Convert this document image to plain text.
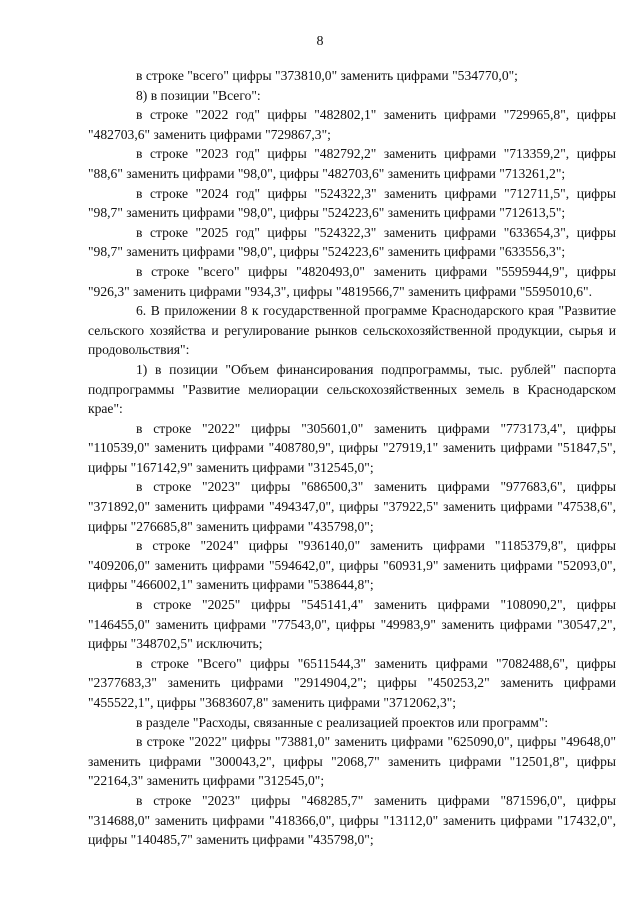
8

в строке "всего" цифры "373810,0" заменить цифрами "534770,0";

8) в позиции "Всего":

в строке "2022 год" цифры "482802,1" заменить цифрами "729965,8", цифры "482703,6" заменить цифрами "729867,3";

в строке "2023 год" цифры "482792,2" заменить цифрами "713359,2", цифры "88,6" заменить цифрами "98,0", цифры "482703,6" заменить цифрами "713261,2";

в строке "2024 год" цифры "524322,3" заменить цифрами "712711,5", цифры "98,7" заменить цифрами "98,0", цифры "524223,6" заменить цифрами "712613,5";

в строке "2025 год" цифры "524322,3" заменить цифрами "633654,3", цифры "98,7" заменить цифрами "98,0", цифры "524223,6" заменить цифрами "633556,3";

в строке "всего" цифры "4820493,0" заменить цифрами "5595944,9", цифры "926,3" заменить цифрами "934,3", цифры "4819566,7" заменить цифрами "5595010,6".

6. В приложении 8 к государственной программе Краснодарского края "Развитие сельского хозяйства и регулирование рынков сельскохозяйственной продукции, сырья и продовольствия":

1) в позиции "Объем финансирования подпрограммы, тыс. рублей" паспорта подпрограммы "Развитие мелиорации сельскохозяйственных земель в Краснодарском крае":

в строке "2022" цифры "305601,0" заменить цифрами "773173,4", цифры "110539,0" заменить цифрами "408780,9", цифры "27919,1" заменить цифрами "51847,5", цифры "167142,9" заменить цифрами "312545,0";

в строке "2023" цифры "686500,3" заменить цифрами "977683,6", цифры "371892,0" заменить цифрами "494347,0", цифры "37922,5" заменить цифрами "47538,6", цифры "276685,8" заменить цифрами "435798,0";

в строке "2024" цифры "936140,0" заменить цифрами "1185379,8", цифры "409206,0" заменить цифрами "594642,0", цифры "60931,9" заменить цифрами "52093,0", цифры "466002,1" заменить цифрами "538644,8";

в строке "2025" цифры "545141,4" заменить цифрами "108090,2", цифры "146455,0" заменить цифрами "77543,0", цифры "49983,9" заменить цифрами "30547,2", цифры "348702,5" исключить;

в строке "Всего" цифры "6511544,3" заменить цифрами "7082488,6", цифры "2377683,3" заменить цифрами "2914904,2"; цифры "450253,2" заменить цифрами "455522,1", цифры "3683607,8" заменить цифрами "3712062,3";

в разделе "Расходы, связанные с реализацией проектов или программ":

в строке "2022" цифры "73881,0" заменить цифрами "625090,0", цифры "49648,0" заменить цифрами "300043,2", цифры "2068,7" заменить цифрами "12501,8", цифры "22164,3" заменить цифрами "312545,0";

в строке "2023" цифры "468285,7" заменить цифрами "871596,0", цифры "314688,0" заменить цифрами "418366,0", цифры "13112,0" заменить цифрами "17432,0", цифры "140485,7" заменить цифрами "435798,0";
